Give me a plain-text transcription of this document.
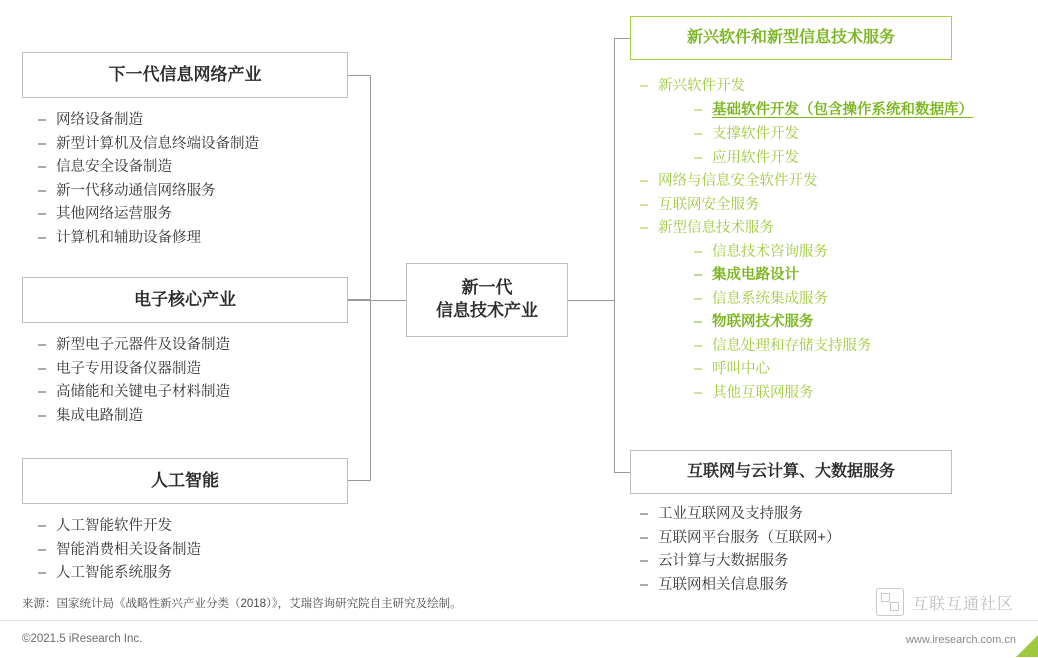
新一代
信息技术产业
下一代信息网络产业
– 网络设备制造
– 新型计算机及信息终端设备制造
– 信息安全设备制造
– 新一代移动通信网络服务
– 其他网络运营服务
– 计算机和辅助设备修理
电子核心产业
– 新型电子元器件及设备制造
– 电子专用设备仪器制造
– 高储能和关键电子材料制造
– 集成电路制造
人工智能
– 人工智能软件开发
– 智能消费相关设备制造
– 人工智能系统服务
新兴软件和新型信息技术服务
– 新兴软件开发
– 基础软件开发（包含操作系统和数据库）
– 支撑软件开发
– 应用软件开发
– 网络与信息安全软件开发
– 互联网安全服务
– 新型信息技术服务
– 信息技术咨询服务
– 集成电路设计
– 信息系统集成服务
– 物联网技术服务
– 信息处理和存储支持服务
– 呼叫中心
– 其他互联网服务
互联网与云计算、大数据服务
– 工业互联网及支持服务
– 互联网平台服务（互联网+）
– 云计算与大数据服务
– 互联网相关信息服务
来源：国家统计局《战略性新兴产业分类（2018）》，艾瑞咨询研究院自主研究及绘制。	互联互通社区
©2021.5 iResearch Inc.	www.iresearch.com.cn
